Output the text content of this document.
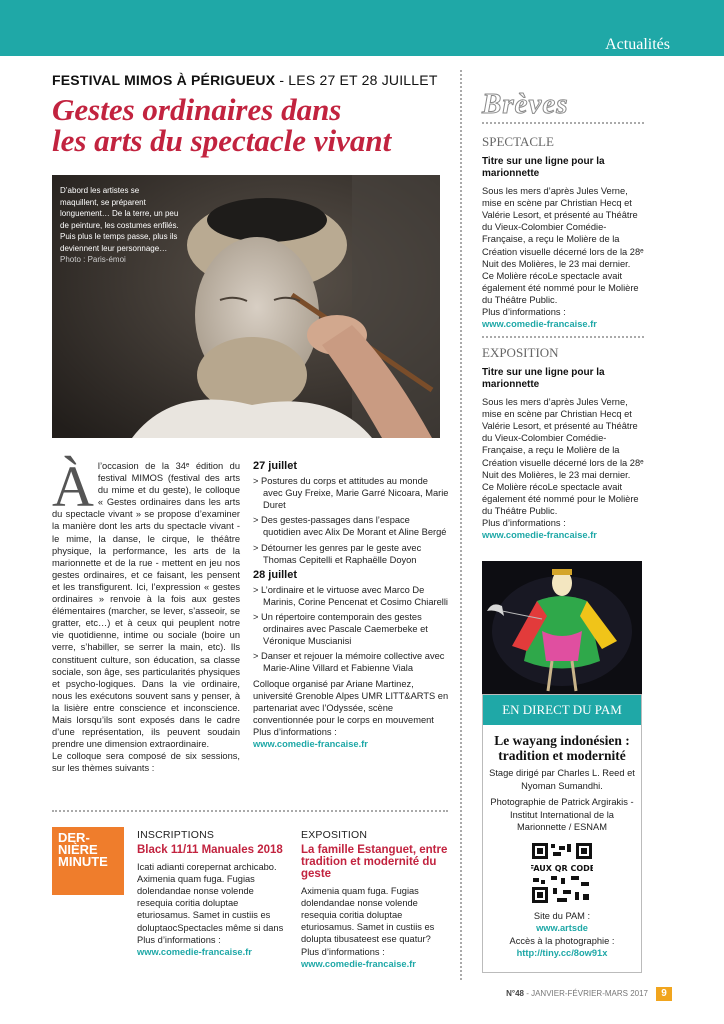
Actualités
FESTIVAL MIMOS À PÉRIGUEUX - LES 27 ET 28 JUILLET
Gestes ordinaires dans
les arts du spectacle vivant
D’abord les artistes se maquillent, se préparent longuement… De la terre, un peu de peinture, les costumes enfilés. Puis plus le temps passe, plus ils deviennent leur personnage…
Photo : Paris-émoi
À l’occasion de la 34ᵉ édition du festival MIMOS (festival des arts du mime et du geste), le colloque « Gestes ordinaires dans les arts du spectacle vivant » se propose d’examiner la manière dont les arts du spectacle vivant - le mime, la danse, le cirque, le théâtre physique, la performance, les arts de la marionnette et de la rue - mettent en jeu nos gestes ordinaires, et ce faisant, les pensent et les transfigurent. Ici, l’expression « gestes ordinaires » renvoie à la fois aux gestes élémentaires (marcher, se lever, s’asseoir, se gratter, etc…) et à ceux qui peuplent notre vie quotidienne, intime ou sociale (boire un verre, s’habiller, se serrer la main, etc). Ils constituent culture, son éducation, sa classe sociale, son âge, ses particularités physiques et psycho-logiques. Dans la vie ordinaire, nous les exécutons souvent sans y penser, à la lisière entre conscience et inconscience. Mais lorsqu’ils sont exposés dans le cadre d’une représentation, ils peuvent soudain prendre une dimension extraordinaire.

Le colloque sera composé de six sessions, sur les thèmes suivants :

27 juillet
> Postures du corps et attitudes au monde avec Guy Freixe, Marie Garré Nicoara, Marie Duret
> Des gestes-passages dans l’espace quotidien avec Alix De Morant et Aline Bergé
> Détourner les genres par le geste avec Thomas Cepitelli et Raphaëlle Doyon
28 juillet
> L’ordinaire et le virtuose avec Marco De Marinis, Corine Pencenat et Cosimo Chiarelli
> Un répertoire contemporain des gestes ordinaires avec Pascale Caemerbeke et Véronique Muscianisi
> Danser et rejouer la mémoire collective avec Marie-Aline Villard et Fabienne Viala
Colloque organisé par Ariane Martinez, université Grenoble Alpes UMR LITT&ARTS en partenariat avec l’Odyssée, scène conventionnée pour le corps en mouvement
Plus d’informations :
www.comedie-francaise.fr
DER-
NIÈRE
MINUTE
INSCRIPTIONS
Black 11/11 Manuales 2018
Icati adianti corepernat archicabo. Aximenia quam fuga. Fugias dolendandae nonse volende resequia coritia doluptae eturiosamus. Samet in custiis es doluptaocSpectacles même si dans
Plus d’informations :
www.comedie-francaise.fr
EXPOSITION
La famille Estanguet, entre tradition et modernité du geste
Aximenia quam fuga. Fugias dolendandae nonse volende resequia coritia doluptae eturiosamus. Samet in custiis es dolupta tibusateest ese quatur?
Plus d’informations :
www.comedie-francaise.fr
Brèves
SPECTACLE
Titre sur une ligne pour la marionnette
Sous les mers d’après Jules Verne, mise en scène par Christian Hecq et Valérie Lesort, et présenté au Théâtre du Vieux-Colombier Comédie-Française, a reçu le Molière de la Création visuelle décerné lors de la 28ᵉ Nuit des Molières, le 23 mai dernier. Ce Molière récoLe spectacle avait également été nommé pour le Molière du Théâtre Public.
Plus d’informations :
www.comedie-francaise.fr
EXPOSITION
Titre sur une ligne pour la marionnette
Sous les mers d’après Jules Verne, mise en scène par Christian Hecq et Valérie Lesort, et présenté au Théâtre du Vieux-Colombier Comédie-Française, a reçu le Molière de la Création visuelle décerné lors de la 28ᵉ Nuit des Molières, le 23 mai dernier. Ce Molière récoLe spectacle avait également été nommé pour le Molière du Théâtre Public.
Plus d’informations :
www.comedie-francaise.fr
EN DIRECT DU PAM
Le wayang indonésien : tradition et modernité
Stage dirigé par Charles L. Reed et Nyoman Sumandhi.
Photographie de Patrick Argirakis - Institut International de la Marionnette / ESNAM
FAUX QR CODE
Site du PAM :
www.artsde
Accès à la photographie :
http://tiny.cc/8ow91x
N°48 - JANVIER-FÉVRIER-MARS 2017 9
